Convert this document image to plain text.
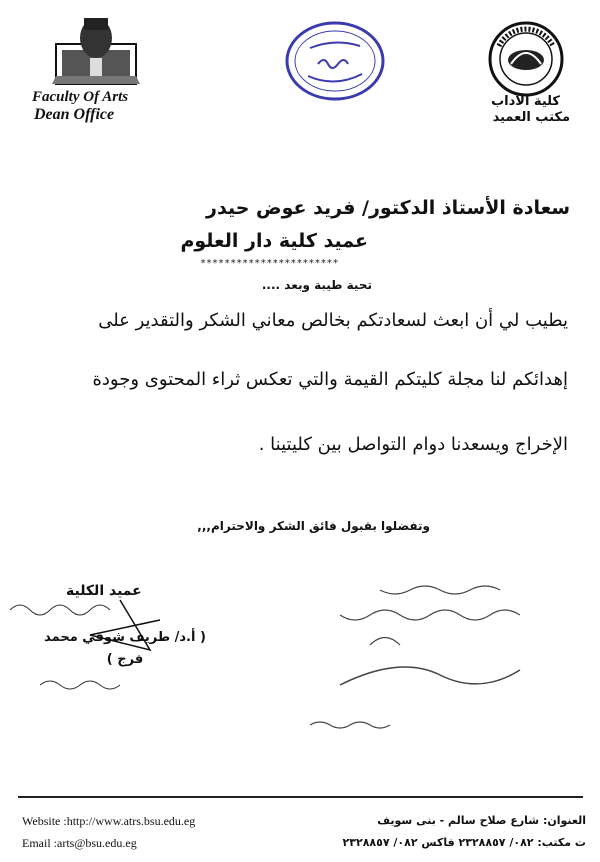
Faculty Of Arts
Dean Office
كلية الآداب
مكتب العميد
سعادة الأستاذ الدكتور/ فريد عوض حيدر
عميد كلية دار العلوم
***********************
تحية طيبة وبعد ....
يطيب لي أن ابعث لسعادتكم بخالص معاني الشكر والتقدير على
إهدائكم لنا مجلة كليتكم القيمة والتي تعكس ثراء المحتوى وجودة
الإخراج ويسعدنا دوام التواصل بين كليتينا .
وتفضلوا بقبول فائق الشكر والاحترام,,,
عميد الكلية
( أ.د/ طريف شوقي محمد فرج )
Website :http://www.atrs.bsu.edu.eg
Email :arts@bsu.edu.eg
العنوان: شارع صلاح سالم - بنى سويف
ت مكتب: ٠٨٢/ ٢٣٢٨٨٥٧ فاكس ٠٨٢/ ٢٣٢٨٨٥٧
